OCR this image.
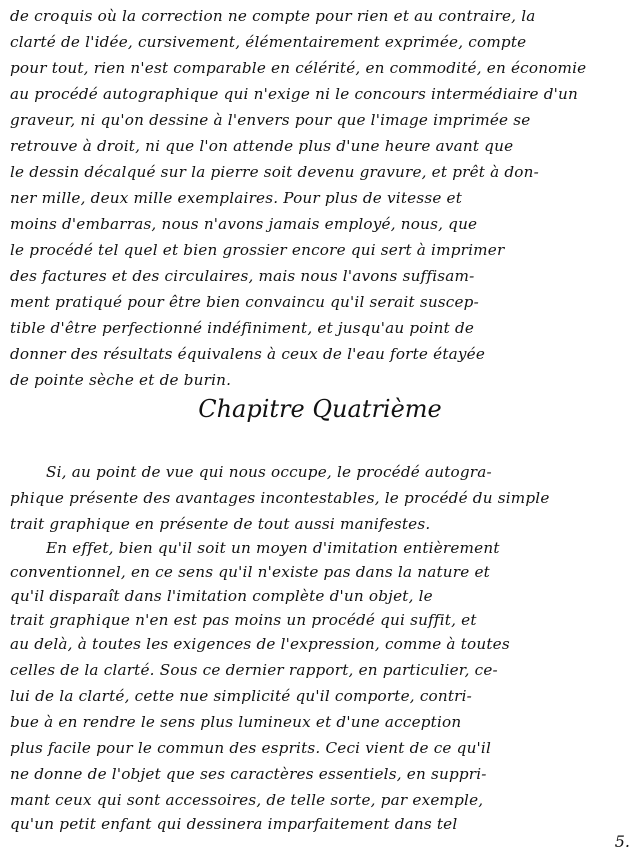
de croquis où la correction ne compte pour rien et au contraire, la
clarté de l'idée, cursivement, élémentairement exprimée, compte
pour tout, rien n'est comparable en célérité, en commodité, en économie
au procédé autographique qui n'exige ni le concours intermédiaire d'un
graveur, ni qu'on dessine à l'envers pour que l'image imprimée se
retrouve à droit, ni que l'on attende plus d'une heure avant que
le dessin décalqué sur la pierre soit devenu gravure, et prêt à don-
ner mille, deux mille exemplaires. Pour plus de vitesse et
moins d'embarras, nous n'avons jamais employé, nous, que
le procédé tel quel et bien grossier encore qui sert à imprimer
des factures et des circulaires, mais nous l'avons suffisam-
ment pratiqué pour être bien convaincu qu'il serait suscep-
tible d'être perfectionné indéfiniment, et jusqu'au point de
donner des résultats équivalens à ceux de l'eau forte étayée
de pointe sèche et de burin.
Chapitre Quatrième
Si, au point de vue qui nous occupe, le procédé autogra-
phique présente des avantages incontestables, le procédé du simple
trait graphique en présente de tout aussi manifestes.
En effet, bien qu'il soit un moyen d'imitation entièrement
conventionnel, en ce sens qu'il n'existe pas dans la nature et
qu'il disparaît dans l'imitation complète d'un objet, le
trait graphique n'en est pas moins un procédé qui suffit, et
au delà, à toutes les exigences de l'expression, comme à toutes
celles de la clarté. Sous ce dernier rapport, en particulier, ce-
lui de la clarté, cette nue simplicité qu'il comporte, contri-
bue à en rendre le sens plus lumineux et d'une acception
plus facile pour le commun des esprits. Ceci vient de ce qu'il
ne donne de l'objet que ses caractères essentiels, en suppri-
mant ceux qui sont accessoires, de telle sorte, par exemple,
qu'un petit enfant qui dessinera imparfaitement dans tel
5.
